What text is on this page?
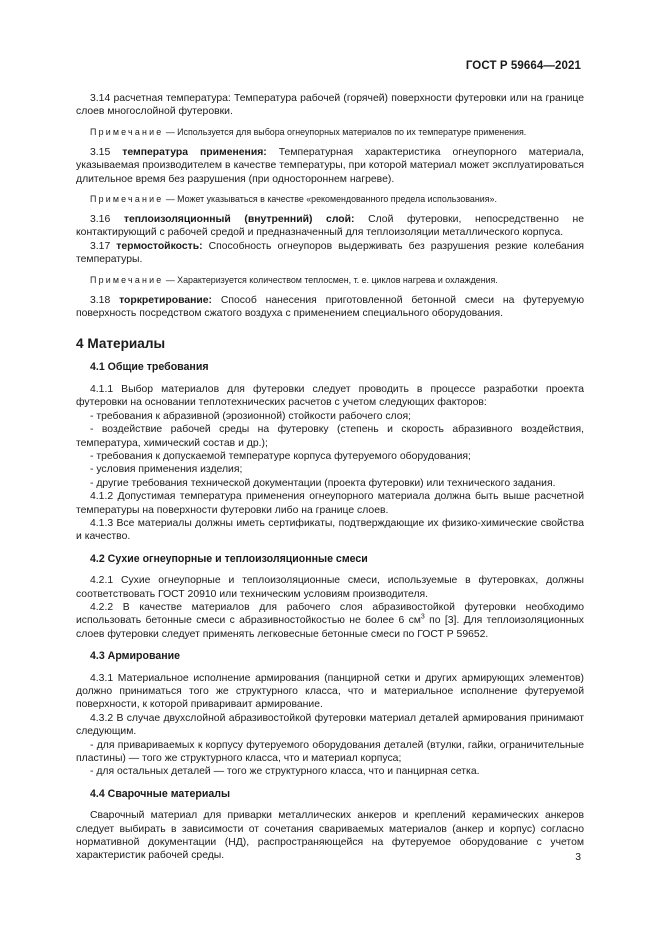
ГОСТ Р 59664—2021

3.14 расчетная температура: Температура рабочей (горячей) поверхности футеровки или на границе слоев многослойной футеровки.

Примечание — Используется для выбора огнеупорных материалов по их температуре применения.

3.15 температура применения: Температурная характеристика огнеупорного материала, указываемая производителем в качестве температуры, при которой материал может эксплуатироваться длительное время без разрушения (при одностороннем нагреве).

Примечание — Может указываться в качестве «рекомендованного предела использования».

3.16 теплоизоляционный (внутренний) слой: Слой футеровки, непосредственно не контактирующий с рабочей средой и предназначенный для теплоизоляции металлического корпуса.

3.17 термостойкость: Способность огнеупоров выдерживать без разрушения резкие колебания температуры.

Примечание — Характеризуется количеством теплосмен, т. е. циклов нагрева и охлаждения.

3.18 торкретирование: Способ нанесения приготовленной бетонной смеси на футеруемую поверхность посредством сжатого воздуха с применением специального оборудования.

4 Материалы

4.1 Общие требования

4.1.1 Выбор материалов для футеровки следует проводить в процессе разработки проекта футеровки на основании теплотехнических расчетов с учетом следующих факторов:

- требования к абразивной (эрозионной) стойкости рабочего слоя;

- воздействие рабочей среды на футеровку (степень и скорость абразивного воздействия, температура, химический состав и др.);

- требования к допускаемой температуре корпуса футеруемого оборудования;

- условия применения изделия;

- другие требования технической документации (проекта футеровки) или технического задания.

4.1.2 Допустимая температура применения огнеупорного материала должна быть выше расчетной температуры на поверхности футеровки либо на границе слоев.

4.1.3 Все материалы должны иметь сертификаты, подтверждающие их физико-химические свойства и качество.

4.2 Сухие огнеупорные и теплоизоляционные смеси

4.2.1 Сухие огнеупорные и теплоизоляционные смеси, используемые в футеровках, должны соответствовать ГОСТ 20910 или техническим условиям производителя.

4.2.2 В качестве материалов для рабочего слоя абразивостойкой футеровки необходимо использовать бетонные смеси с абразивностойкостью не более 6 $см^3$ по [3]. Для теплоизоляционных слоев футеровки следует применять легковесные бетонные смеси по ГОСТ Р 59652.

4.3 Армирование

4.3.1 Материальное исполнение армирования (панцирной сетки и других армирующих элементов) должно приниматься того же структурного класса, что и материальное исполнение футеруемой поверхности, к которой привариваит армирование.

4.3.2 В случае двухслойной абразивостойкой футеровки материал деталей армирования принимают следующим.

- для привариваемых к корпусу футеруемого оборудования деталей (втулки, гайки, ограничительные пластины) — того же структурного класса, что и материал корпуса;

- для остальных деталей — того же структурного класса, что и панцирная сетка.

4.4 Сварочные материалы

Сварочный материал для приварки металлических анкеров и креплений керамических анкеров следует выбирать в зависимости от сочетания свариваемых материалов (анкер и корпус) согласно нормативной документации (НД), распространяющейся на футеруемое оборудование с учетом характеристик рабочей среды.	3
